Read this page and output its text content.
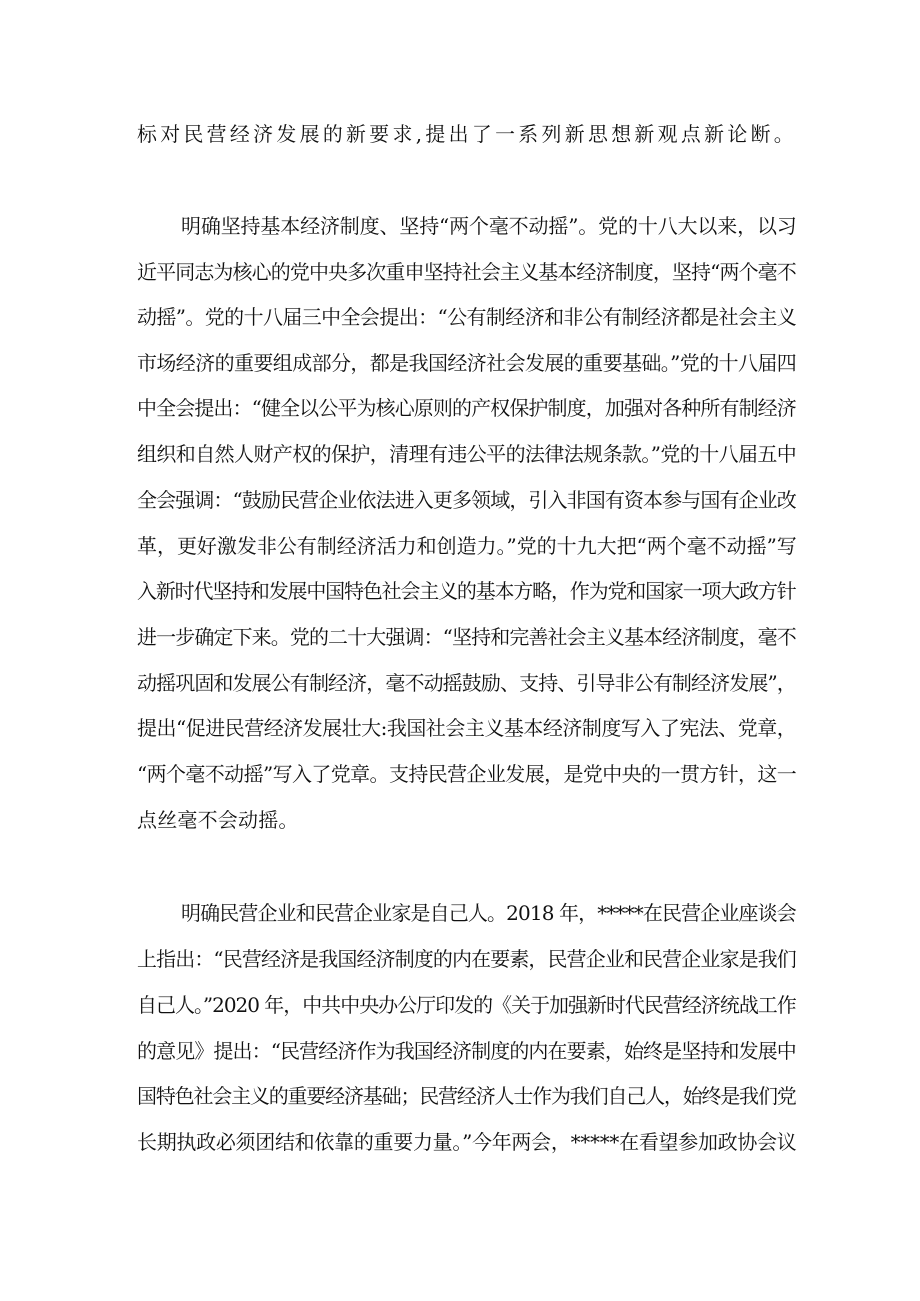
标对民营经济发展的新要求,提出了一系列新思想新观点新论断。
明确坚持基本经济制度、坚持“两个毫不动摇”。党的十八大以来，以习
近平同志为核心的党中央多次重申坚持社会主义基本经济制度，坚持“两个毫不
动摇”。党的十八届三中全会提出：“公有制经济和非公有制经济都是社会主义
市场经济的重要组成部分，都是我国经济社会发展的重要基础。”党的十八届四
中全会提出：“健全以公平为核心原则的产权保护制度，加强对各种所有制经济
组织和自然人财产权的保护，清理有违公平的法律法规条款。”党的十八届五中
全会强调：“鼓励民营企业依法进入更多领域，引入非国有资本参与国有企业改
革，更好激发非公有制经济活力和创造力。”党的十九大把“两个毫不动摇”写
入新时代坚持和发展中国特色社会主义的基本方略，作为党和国家一项大政方针
进一步确定下来。党的二十大强调：“坚持和完善社会主义基本经济制度，毫不
动摇巩固和发展公有制经济，毫不动摇鼓励、支持、引导非公有制经济发展”，
提出“促进民营经济发展壮大:我国社会主义基本经济制度写入了宪法、党章，
“两个毫不动摇”写入了党章。支持民营企业发展，是党中央的一贯方针，这一
点丝毫不会动摇。
明确民营企业和民营企业家是自己人。2018 年，*****在民营企业座谈会
上指出：“民营经济是我国经济制度的内在要素，民营企业和民营企业家是我们
自己人。”2020 年，中共中央办公厅印发的《关于加强新时代民营经济统战工作
的意见》提出：“民营经济作为我国经济制度的内在要素，始终是坚持和发展中
国特色社会主义的重要经济基础；民营经济人士作为我们自己人，始终是我们党
长期执政必须团结和依靠的重要力量。”今年两会，*****在看望参加政协会议
